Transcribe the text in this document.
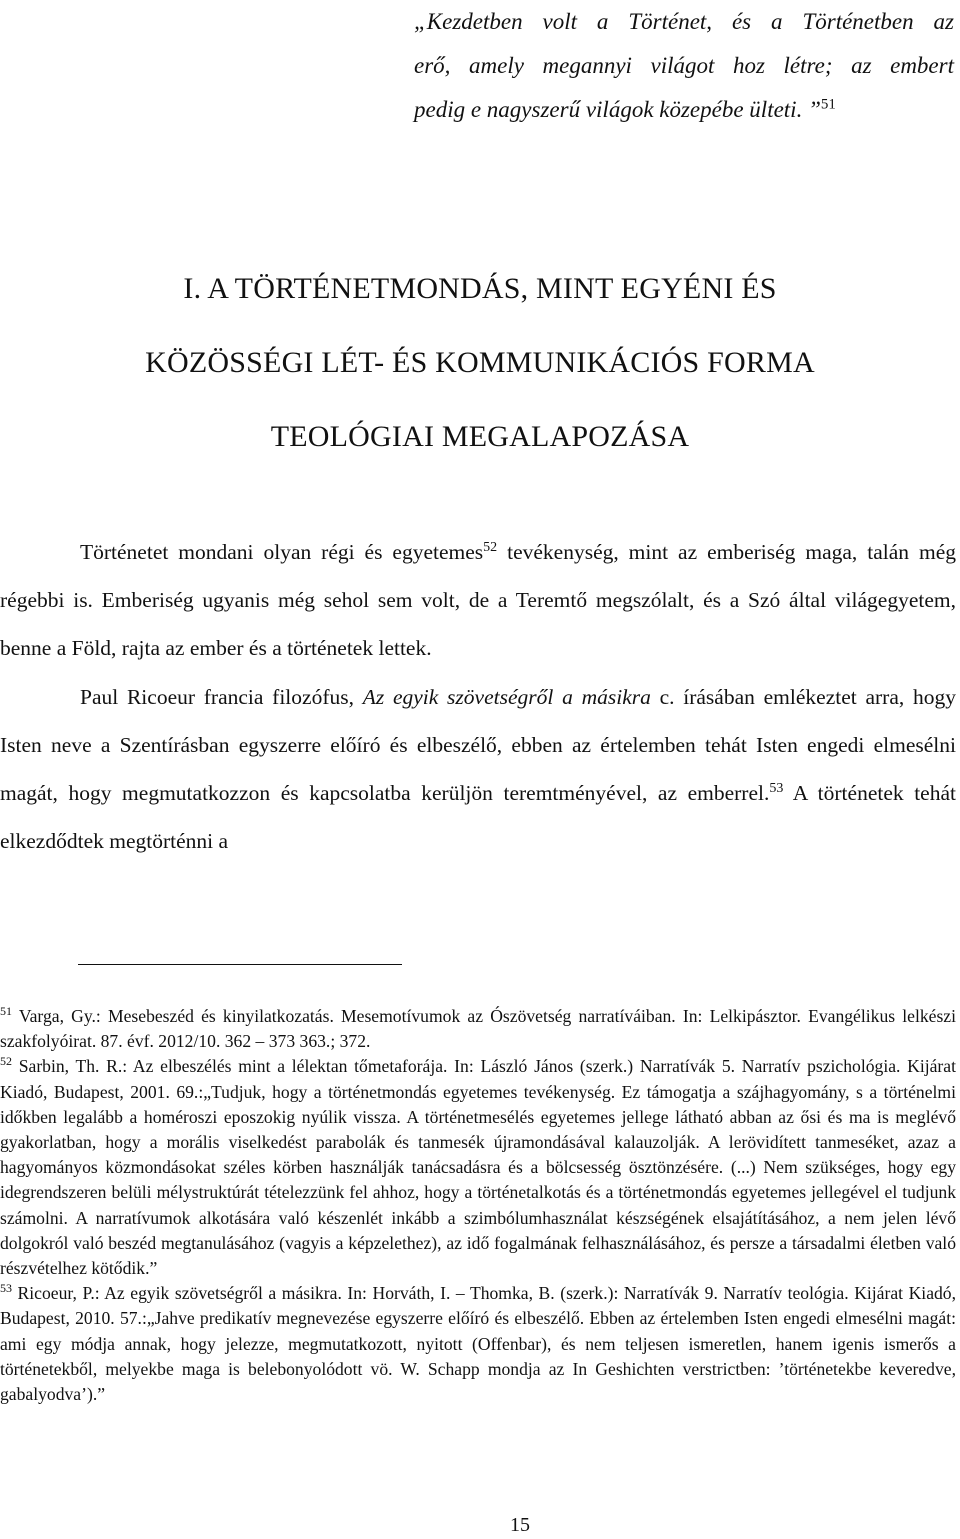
„Kezdetben volt a Történet, és a Történetben az
erő, amely megannyi világot hoz létre; az embert
pedig e nagyszerű világok közepébe ülteti. ”$^{51}$
I. A TÖRTÉNETMONDÁS, MINT EGYÉNI ÉS
KÖZÖSSÉGI LÉT- ÉS KOMMUNIKÁCIÓS FORMA
TEOLÓGIAI MEGALAPOZÁSA

Történetet mondani olyan régi és egyetemes$^{52}$ tevékenység, mint az emberiség maga, talán még régebbi is. Emberiség ugyanis még sehol sem volt, de a Teremtő megszólalt, és a Szó által világegyetem, benne a Föld, rajta az ember és a történetek lettek.

Paul Ricoeur francia filozófus, Az egyik szövetségről a másikra c. írásában emlékeztet arra, hogy Isten neve a Szentírásban egyszerre előíró és elbeszélő, ebben az értelemben tehát Isten engedi elmesélni magát, hogy megmutatkozzon és kapcsolatba kerüljön teremtményével, az emberrel.$^{53}$ A történetek tehát elkezdődtek megtörténni a

$^{51}$ Varga, Gy.: Mesebeszéd és kinyilatkozatás. Mesemotívumok az Ószövetség narratíváiban. In: Lelkipásztor. Evangélikus lelkészi szakfolyóirat. 87. évf. 2012/10. 362 – 373 363.; 372.

$^{52}$ Sarbin, Th. R.: Az elbeszélés mint a lélektan tőmetaforája. In: László János (szerk.) Narratívák 5. Narratív pszichológia. Kijárat Kiadó, Budapest, 2001. 69.:„Tudjuk, hogy a történetmondás egyetemes tevékenység. Ez támogatja a szájhagyomány, s a történelmi időkben legalább a homéroszi eposzokig nyúlik vissza. A történetmesélés egyetemes jellege látható abban az ősi és ma is meglévő gyakorlatban, hogy a morális viselkedést parabolák és tanmesék újramondásával kalauzolják. A lerövidített tanmeséket, azaz a hagyományos közmondásokat széles körben használják tanácsadásra és a bölcsesség ösztönzésére. (...) Nem szükséges, hogy egy idegrendszeren belüli mélystruktúrát tételezzünk fel ahhoz, hogy a történetalkotás és a történetmondás egyetemes jellegével el tudjunk számolni. A narratívumok alkotására való készenlét inkább a szimbólumhasználat készségének elsajátításához, a nem jelen lévő dolgokról való beszéd megtanulásához (vagyis a képzelethez), az idő fogalmának felhasználásához, és persze a társadalmi életben való részvételhez kötődik.”

$^{53}$ Ricoeur, P.: Az egyik szövetségről a másikra. In: Horváth, I. – Thomka, B. (szerk.): Narratívák 9. Narratív teológia. Kijárat Kiadó, Budapest, 2010. 57.:„Jahve predikatív megnevezése egyszerre előíró és elbeszélő. Ebben az értelemben Isten engedi elmesélni magát: ami egy módja annak, hogy jelezze, megmutatkozott, nyitott (Offenbar), és nem teljesen ismeretlen, hanem igenis ismerős a történetekből, melyekbe maga is belebonyolódott vö. W. Schapp mondja az In Geshichten verstrictben: ’történetekbe keveredve, gabalyodva’).”

15
